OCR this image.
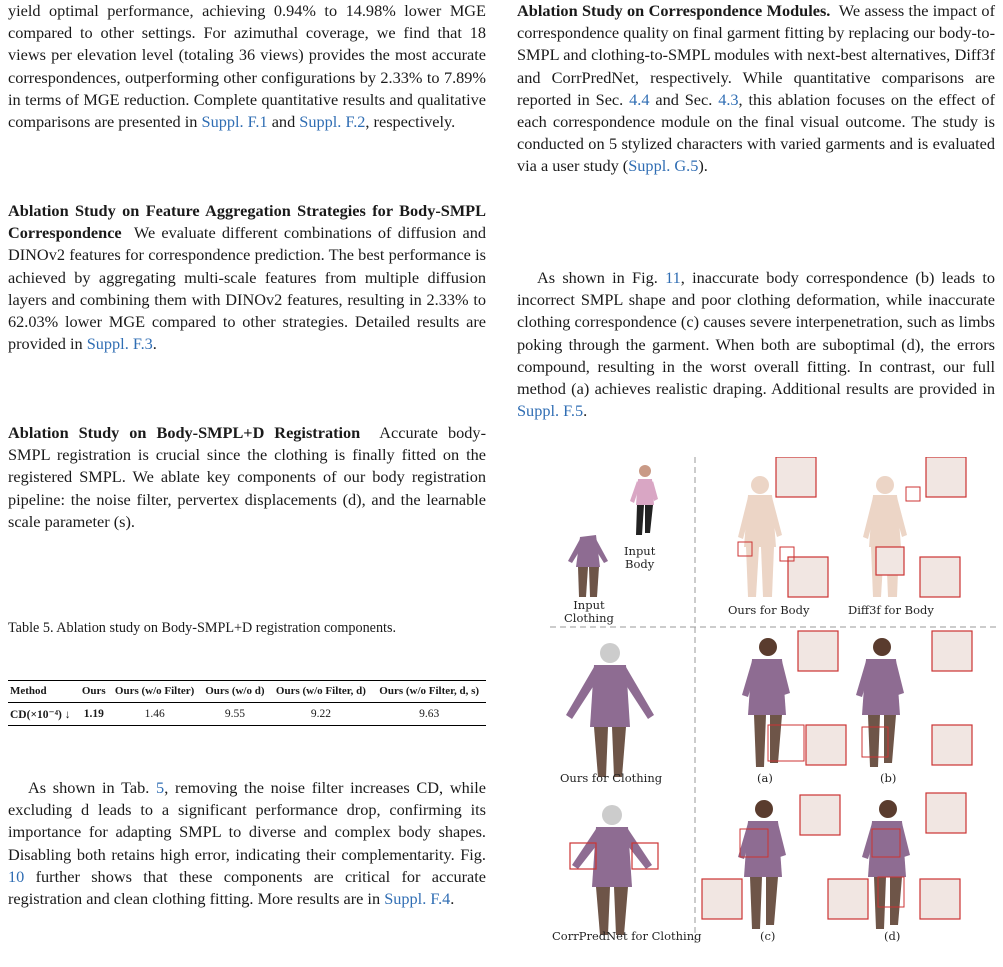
yield optimal performance, achieving 0.94% to 14.98% lower MGE compared to other settings. For azimuthal coverage, we find that 18 views per elevation level (totaling 36 views) provides the most accurate correspondences, outperforming other configurations by 2.33% to 7.89% in terms of MGE reduction. Complete quantitative results and qualitative comparisons are presented in Suppl. F.1 and Suppl. F.2, respectively.

Ablation Study on Feature Aggregation Strategies for Body-SMPL Correspondence We evaluate different combinations of diffusion and DINOv2 features for correspondence prediction. The best performance is achieved by aggregating multi-scale features from multiple diffusion layers and combining them with DINOv2 features, resulting in 2.33% to 62.03% lower MGE compared to other strategies. Detailed results are provided in Suppl. F.3.

Ablation Study on Body-SMPL+D Registration Accurate body-SMPL registration is crucial since the clothing is finally fitted on the registered SMPL. We ablate key components of our body registration pipeline: the noise filter, pervertex displacements (d), and the learnable scale parameter (s).

Table 5. Ablation study on Body-SMPL+D registration components.

Method	Ours	Ours (w/o Filter)	Ours (w/o d)	Ours (w/o Filter, d)	Ours (w/o Filter, d, s)
CD(×10⁻⁴) ↓	1.19	1.46	9.55	9.22	9.63

As shown in Tab. 5, removing the noise filter increases CD, while excluding d leads to a significant performance drop, confirming its importance for adapting SMPL to diverse and complex body shapes. Disabling both retains high error, indicating their complementarity. Fig. 10 further shows that these components are critical for accurate registration and clean clothing fitting. More results are in Suppl. F.4.

Ablation Study on Correspondence Modules. We assess the impact of correspondence quality on final garment fitting by replacing our body-to-SMPL and clothing-to-SMPL modules with next-best alternatives, Diff3f and CorrPredNet, respectively. While quantitative comparisons are reported in Sec. 4.4 and Sec. 4.3, this ablation focuses on the effect of each correspondence module on the final visual outcome. The study is conducted on 5 stylized characters with varied garments and is evaluated via a user study (Suppl. G.5).

As shown in Fig. 11, inaccurate body correspondence (b) leads to incorrect SMPL shape and poor clothing deformation, while inaccurate clothing correspondence (c) causes severe interpenetration, such as limbs poking through the garment. When both are suboptimal (d), the errors compound, resulting in the worst overall fitting. In contrast, our full method (a) achieves realistic draping. Additional results are provided in Suppl. F.5.

Input
Body
Input
Clothing
Ours for Body	Diff3f for Body
Ours for Clothing	(a)	(b)
CorrPredNet for Clothing	(c)	(d)
